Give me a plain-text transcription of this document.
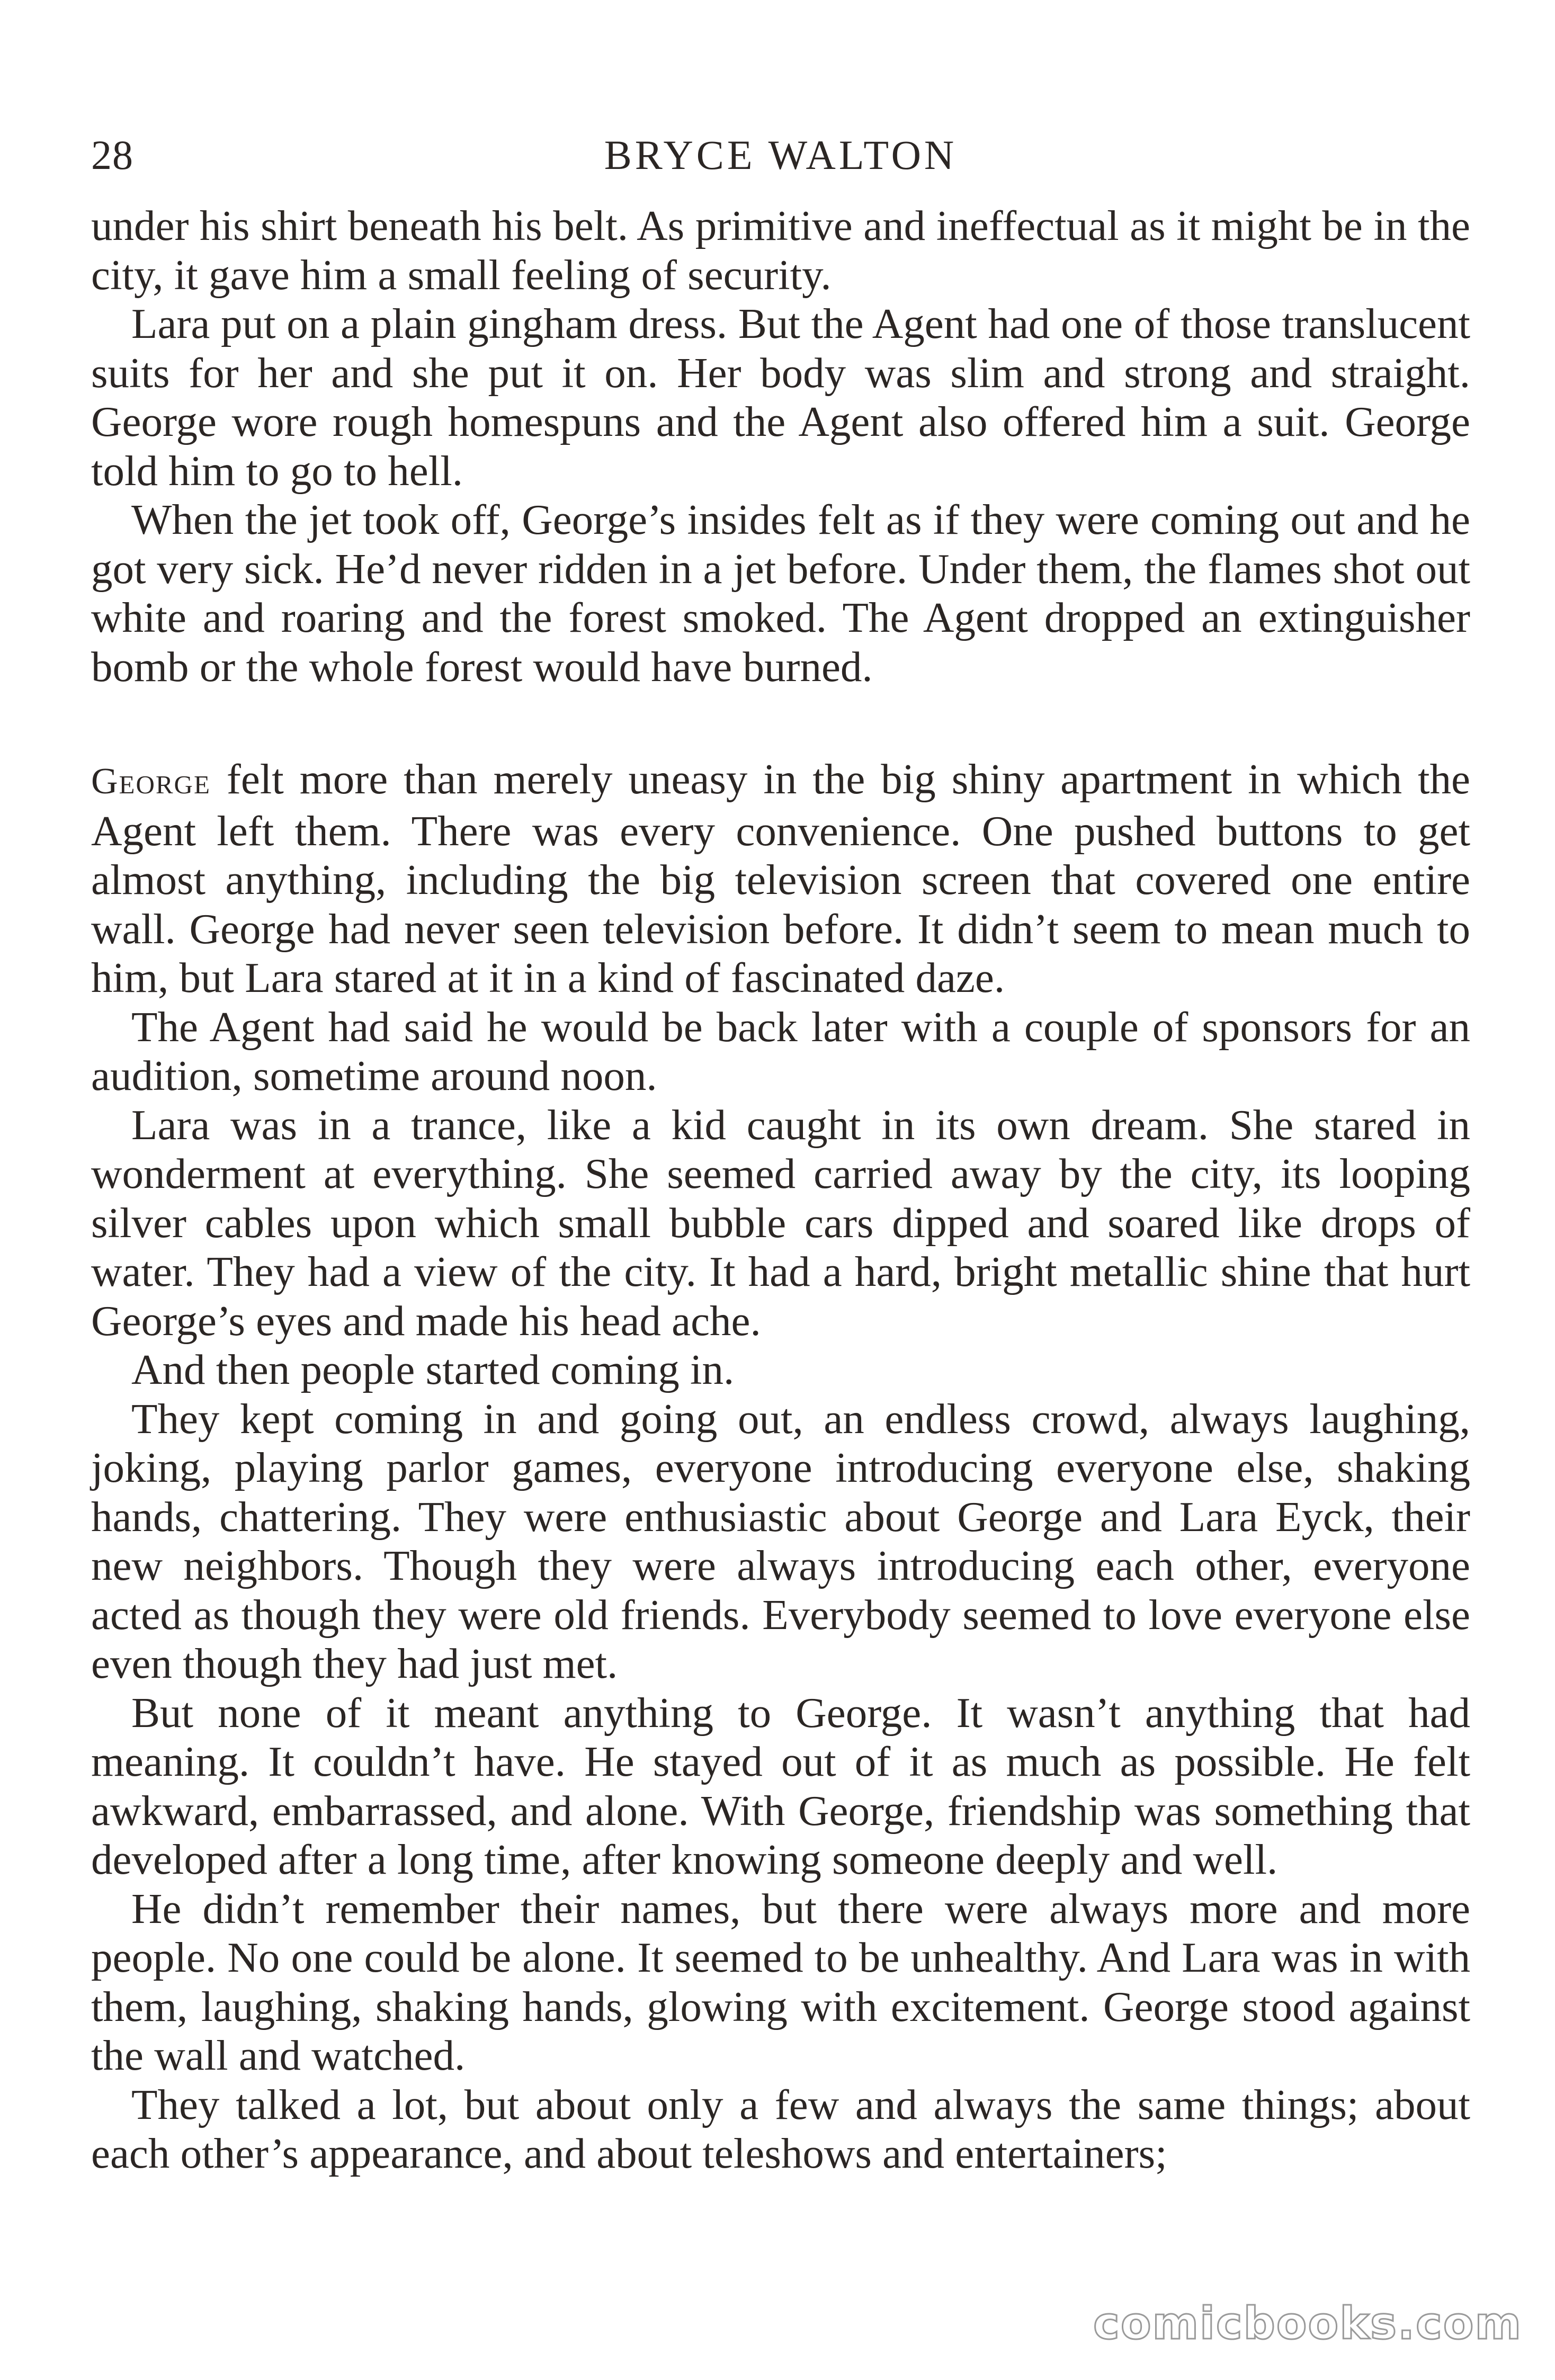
28	BRYCE WALTON

under his shirt beneath his belt. As primitive and ineffectual as it might be in the city, it gave him a small feeling of security.

Lara put on a plain gingham dress. But the Agent had one of those translucent suits for her and she put it on. Her body was slim and strong and straight. George wore rough homespuns and the Agent also offered him a suit. George told him to go to hell.

When the jet took off, George’s insides felt as if they were coming out and he got very sick. He’d never ridden in a jet before. Under them, the flames shot out white and roaring and the forest smoked. The Agent dropped an extinguisher bomb or the whole forest would have burned.

George felt more than merely uneasy in the big shiny apartment in which the Agent left them. There was every convenience. One pushed buttons to get almost anything, including the big television screen that covered one entire wall. George had never seen television before. It didn’t seem to mean much to him, but Lara stared at it in a kind of fascinated daze.

The Agent had said he would be back later with a couple of sponsors for an audition, sometime around noon.

Lara was in a trance, like a kid caught in its own dream. She stared in wonderment at everything. She seemed carried away by the city, its looping silver cables upon which small bubble cars dipped and soared like drops of water. They had a view of the city. It had a hard, bright metallic shine that hurt George’s eyes and made his head ache.

And then people started coming in.

They kept coming in and going out, an endless crowd, always laughing, joking, playing parlor games, everyone introducing everyone else, shaking hands, chattering. They were enthusiastic about George and Lara Eyck, their new neighbors. Though they were always introducing each other, everyone acted as though they were old friends. Everybody seemed to love everyone else even though they had just met.

But none of it meant anything to George. It wasn’t anything that had meaning. It couldn’t have. He stayed out of it as much as possible. He felt awkward, embarrassed, and alone. With George, friendship was something that developed after a long time, after knowing someone deeply and well.

He didn’t remember their names, but there were always more and more people. No one could be alone. It seemed to be unhealthy. And Lara was in with them, laughing, shaking hands, glowing with excitement. George stood against the wall and watched.

They talked a lot, but about only a few and always the same things; about each other’s appearance, and about teleshows and entertainers;

comicbooks.com
